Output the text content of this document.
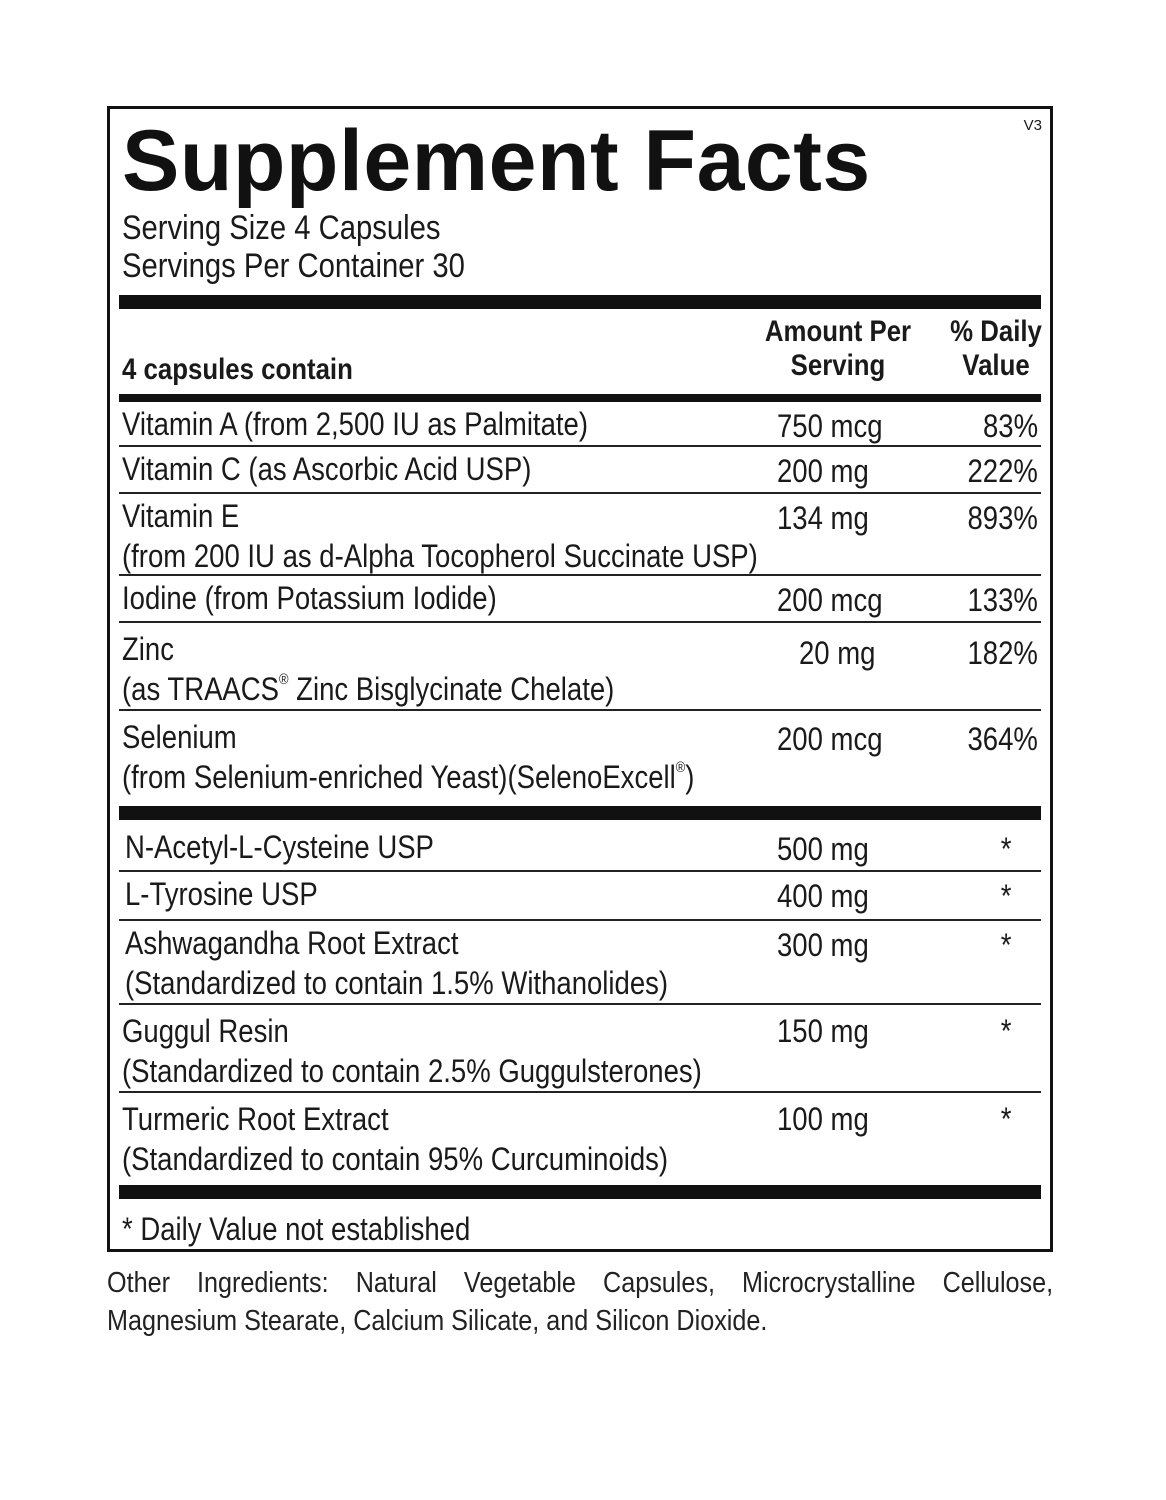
V3
Supplement Facts
Serving Size 4 Capsules
Servings Per Container 30
4 capsules contain
Amount Per
Serving
% Daily
Value
Vitamin A (from 2,500 IU as Palmitate)	750 mcg	83%
Vitamin C (as Ascorbic Acid USP)	200 mg	222%
Vitamin E
(from 200 IU as d-Alpha Tocopherol Succinate USP)
134 mg	893%
Iodine (from Potassium Iodide)	200 mcg	133%
Zinc
(as TRAACS® Zinc Bisglycinate Chelate)
20 mg	182%
Selenium
(from Selenium-enriched Yeast)(SelenoExcell®)
200 mcg	364%
N-Acetyl-L-Cysteine USP	500 mg	*
L-Tyrosine USP	400 mg	*
Ashwagandha Root Extract
(Standardized to contain 1.5% Withanolides)
300 mg	*
Guggul Resin
(Standardized to contain 2.5% Guggulsterones)
150 mg	*
Turmeric Root Extract
(Standardized to contain 95% Curcuminoids)
100 mg	*
* Daily Value not established
Other Ingredients: Natural Vegetable Capsules, Microcrystalline Cellulose, Magnesium Stearate, Calcium Silicate, and Silicon Dioxide.
